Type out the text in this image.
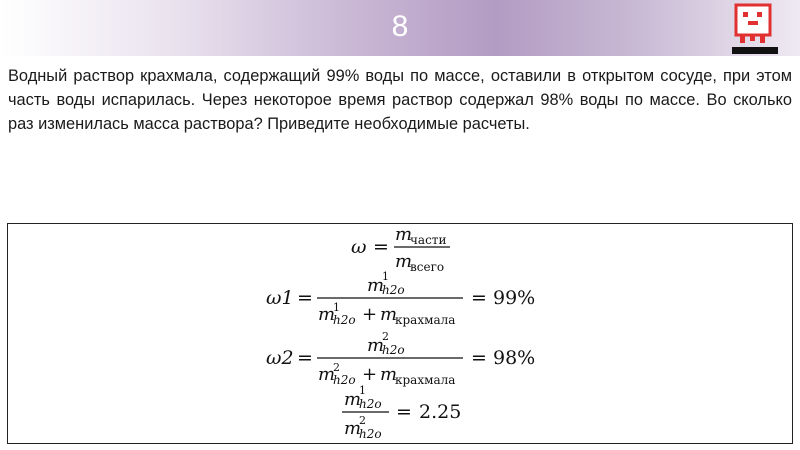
8
Водный раствор крахмала, содержащий 99% воды по массе, оставили в открытом сосуде, при этом часть воды испарилась. Через некоторое время раствор содержал 98% воды по массе. Во сколько раз изменилась масса раствора? Приведите необходимые расчеты.
ω =
m
части
m
всего
ω1 =
m
1
h2o
m
1
h2o + m
крахмала
= 99%
ω2 =
m
2
h2o
m
2
h2o + m
крахмала
= 98%
m
1
h2o
m
2
h2o
= 2.25
